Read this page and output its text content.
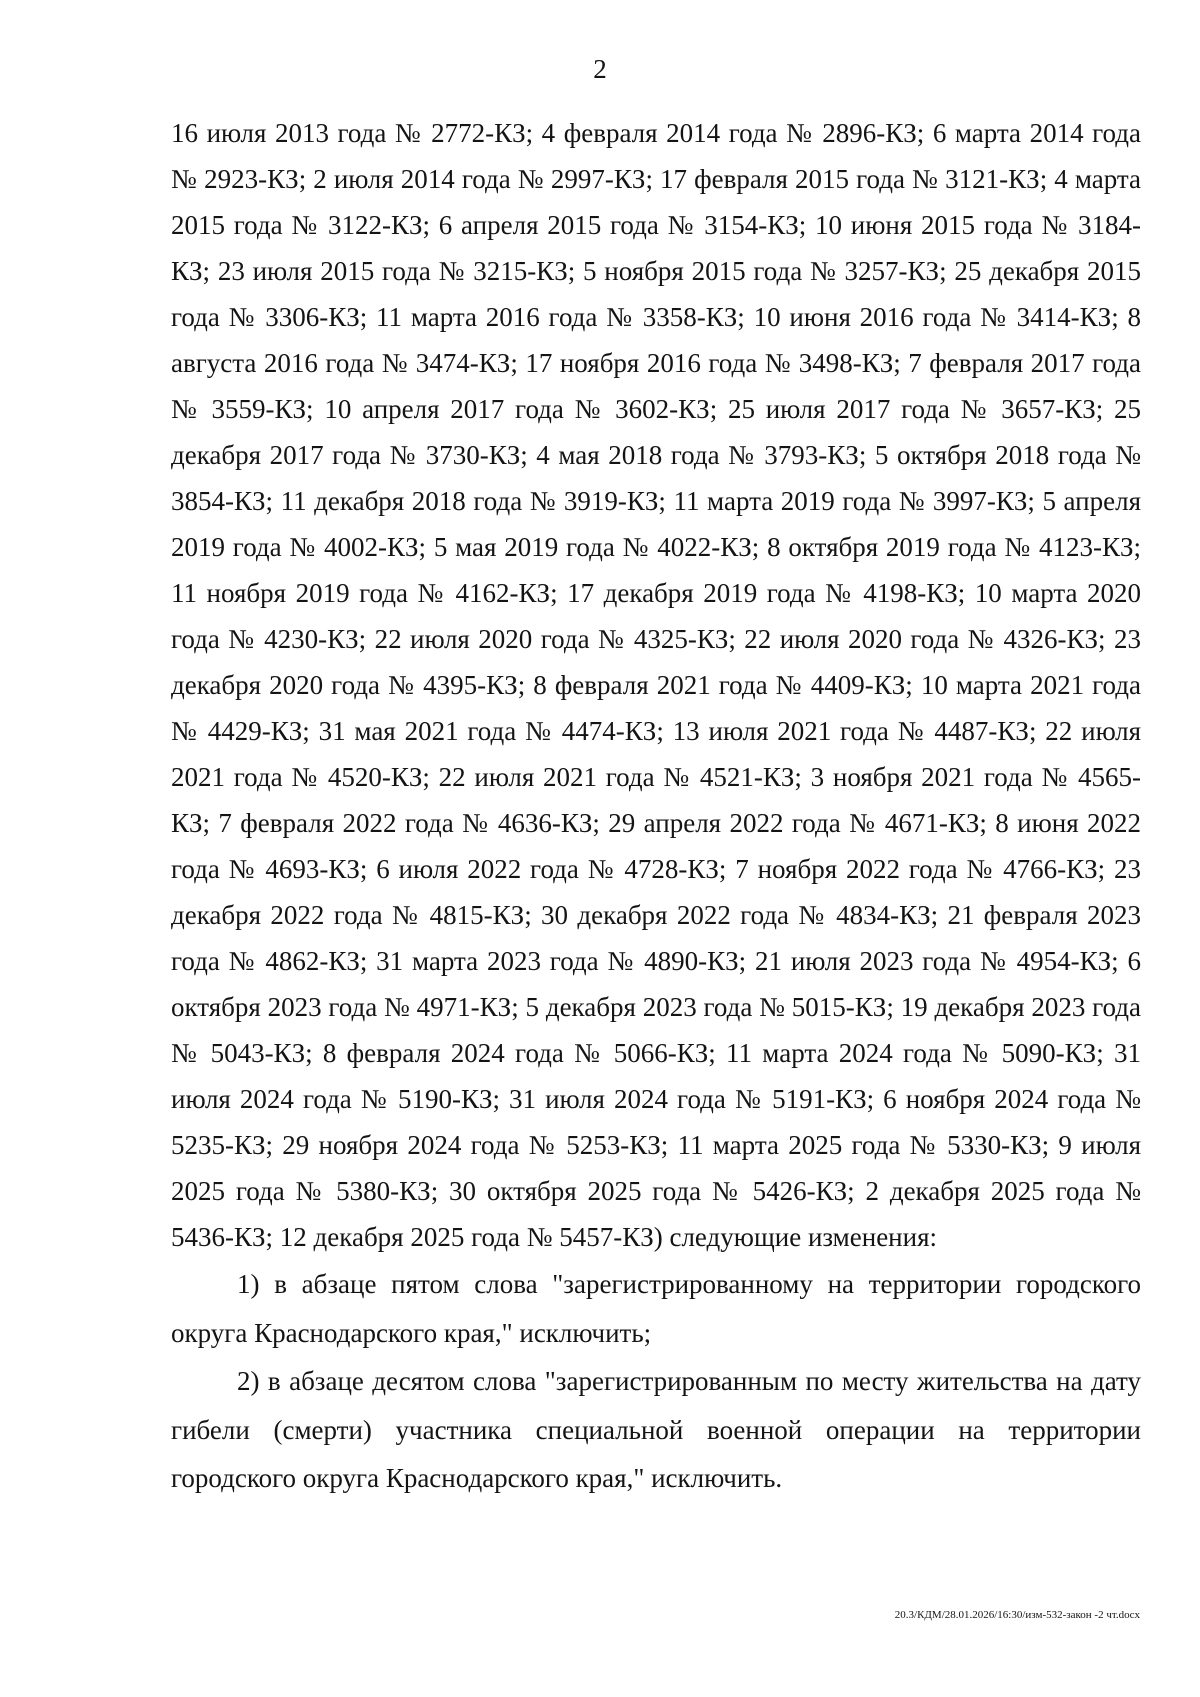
2

16 июля 2013 года № 2772-КЗ; 4 февраля 2014 года № 2896-КЗ; 6 марта 2014 года № 2923-КЗ; 2 июля 2014 года № 2997-КЗ; 17 февраля 2015 года № 3121-КЗ; 4 марта 2015 года № 3122-КЗ; 6 апреля 2015 года № 3154-КЗ; 10 июня 2015 года № 3184-КЗ; 23 июля 2015 года № 3215-КЗ; 5 ноября 2015 года № 3257-КЗ; 25 декабря 2015 года № 3306-КЗ; 11 марта 2016 года № 3358-КЗ; 10 июня 2016 года № 3414-КЗ; 8 августа 2016 года № 3474-КЗ; 17 ноября 2016 года № 3498-КЗ; 7 февраля 2017 года № 3559-КЗ; 10 апреля 2017 года № 3602-КЗ; 25 июля 2017 года № 3657-КЗ; 25 декабря 2017 года № 3730-КЗ; 4 мая 2018 года № 3793-КЗ; 5 октября 2018 года № 3854-КЗ; 11 декабря 2018 года № 3919-КЗ; 11 марта 2019 года № 3997-КЗ; 5 апреля 2019 года № 4002-КЗ; 5 мая 2019 года № 4022-КЗ; 8 октября 2019 года № 4123-КЗ; 11 ноября 2019 года № 4162-КЗ; 17 декабря 2019 года № 4198-КЗ; 10 марта 2020 года № 4230-КЗ; 22 июля 2020 года № 4325-КЗ; 22 июля 2020 года № 4326-КЗ; 23 декабря 2020 года № 4395-КЗ; 8 февраля 2021 года № 4409-КЗ; 10 марта 2021 года № 4429-КЗ; 31 мая 2021 года № 4474-КЗ; 13 июля 2021 года № 4487-КЗ; 22 июля 2021 года № 4520-КЗ; 22 июля 2021 года № 4521-КЗ; 3 ноября 2021 года № 4565-КЗ; 7 февраля 2022 года № 4636-КЗ; 29 апреля 2022 года № 4671-КЗ; 8 июня 2022 года № 4693-КЗ; 6 июля 2022 года № 4728-КЗ; 7 ноября 2022 года № 4766-КЗ; 23 декабря 2022 года № 4815-КЗ; 30 декабря 2022 года № 4834-КЗ; 21 февраля 2023 года № 4862-КЗ; 31 марта 2023 года № 4890-КЗ; 21 июля 2023 года № 4954-КЗ; 6 октября 2023 года № 4971-КЗ; 5 декабря 2023 года № 5015-КЗ; 19 декабря 2023 года № 5043-КЗ; 8 февраля 2024 года № 5066-КЗ; 11 марта 2024 года № 5090-КЗ; 31 июля 2024 года № 5190-КЗ; 31 июля 2024 года № 5191-КЗ; 6 ноября 2024 года № 5235-КЗ; 29 ноября 2024 года № 5253-КЗ; 11 марта 2025 года № 5330-КЗ; 9 июля 2025 года № 5380-КЗ; 30 октября 2025 года № 5426-КЗ; 2 декабря 2025 года № 5436-КЗ; 12 декабря 2025 года № 5457-КЗ) следующие изменения:

1) в абзаце пятом слова "зарегистрированному на территории городского округа Краснодарского края," исключить;

2) в абзаце десятом слова "зарегистрированным по месту жительства на дату гибели (смерти) участника специальной военной операции на территории городского округа Краснодарского края," исключить.

20.3/КДМ/28.01.2026/16:30/изм-532-закон -2 чт.docx
